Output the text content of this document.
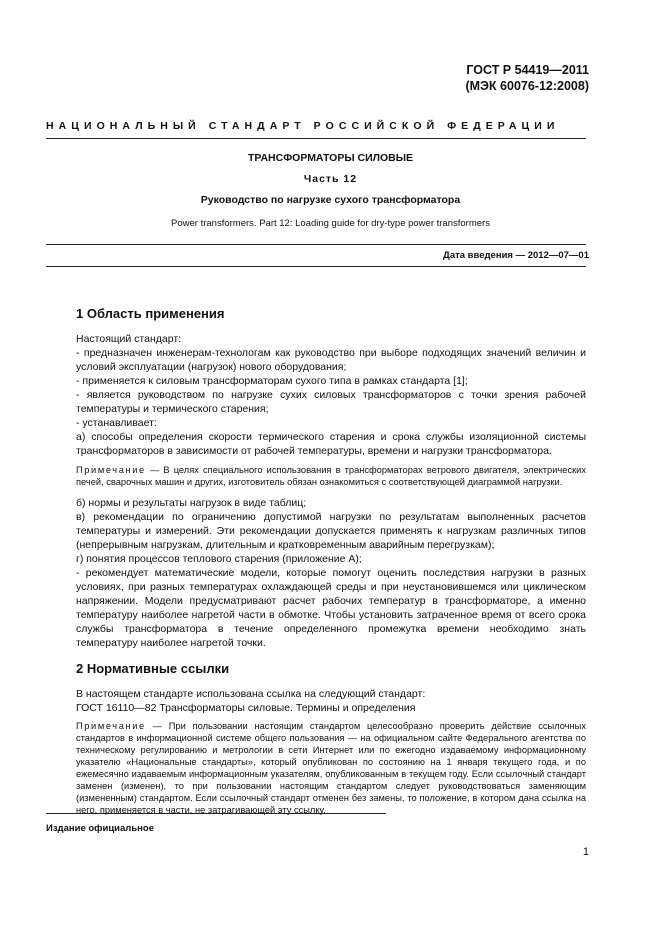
ГОСТ Р 54419—2011
(МЭК 60076-12:2008)
НАЦИОНАЛЬНЫЙ СТАНДАРТ РОССИЙСКОЙ ФЕДЕРАЦИИ
ТРАНСФОРМАТОРЫ СИЛОВЫЕ
Часть 12
Руководство по нагрузке сухого трансформатора
Power transformers. Part 12: Loading guide for dry-type power transformers
Дата введения — 2012—07—01
1 Область применения

Настоящий стандарт:

- предназначен инженерам-технологам как руководство при выборе подходящих значений величин и условий эксплуатации (нагрузок) нового оборудования;

- применяется к силовым трансформаторам сухого типа в рамках стандарта [1];

- является руководством по нагрузке сухих силовых трансформаторов с точки зрения рабочей температуры и термического старения;

- устанавливает:

а) способы определения скорости термического старения и срока службы изоляционной системы трансформаторов в зависимости от рабочей температуры, времени и нагрузки трансформатора.

Примечание — В целях специального использования в трансформаторах ветрового двигателя, электрических печей, сварочных машин и других, изготовитель обязан ознакомиться с соответствующей диаграммой нагрузки.

б) нормы и результаты нагрузок в виде таблиц;

в) рекомендации по ограничению допустимой нагрузки по результатам выполненных расчетов температуры и измерений. Эти рекомендации допускается применять к нагрузкам различных типов (непрерывным нагрузкам, длительным и кратковременным аварийным перегрузкам);

г) понятия процессов теплового старения (приложение А);

- рекомендует математические модели, которые помогут оценить последствия нагрузки в разных условиях, при разных температурах охлаждающей среды и при неустановившемся или циклическом напряжении. Модели предусматривают расчет рабочих температур в трансформаторе, а именно температуру наиболее нагретой части в обмотке. Чтобы установить затраченное время от всего срока службы трансформатора в течение определенного промежутка времени необходимо знать температуру наиболее нагретой точки.

2 Нормативные ссылки

В настоящем стандарте использована ссылка на следующий стандарт:

ГОСТ 16110—82 Трансформаторы силовые. Термины и определения

Примечание — При пользовании настоящим стандартом целесообразно проверить действие ссылочных стандартов в информационной системе общего пользования — на официальном сайте Федерального агентства по техническому регулированию и метрологии в сети Интернет или по ежегодно издаваемому информационному указателю «Национальные стандарты», который опубликован по состоянию на 1 января текущего года, и по ежемесячно издаваемым информационным указателям, опубликованным в текущем году. Если ссылочный стандарт заменен (изменен), то при пользовании настоящим стандартом следует руководствоваться заменяющим (измененным) стандартом. Если ссылочный стандарт отменен без замены, то положение, в котором дана ссылка на него, применяется в части, не затрагивающей эту ссылку.

Издание официальное
1
